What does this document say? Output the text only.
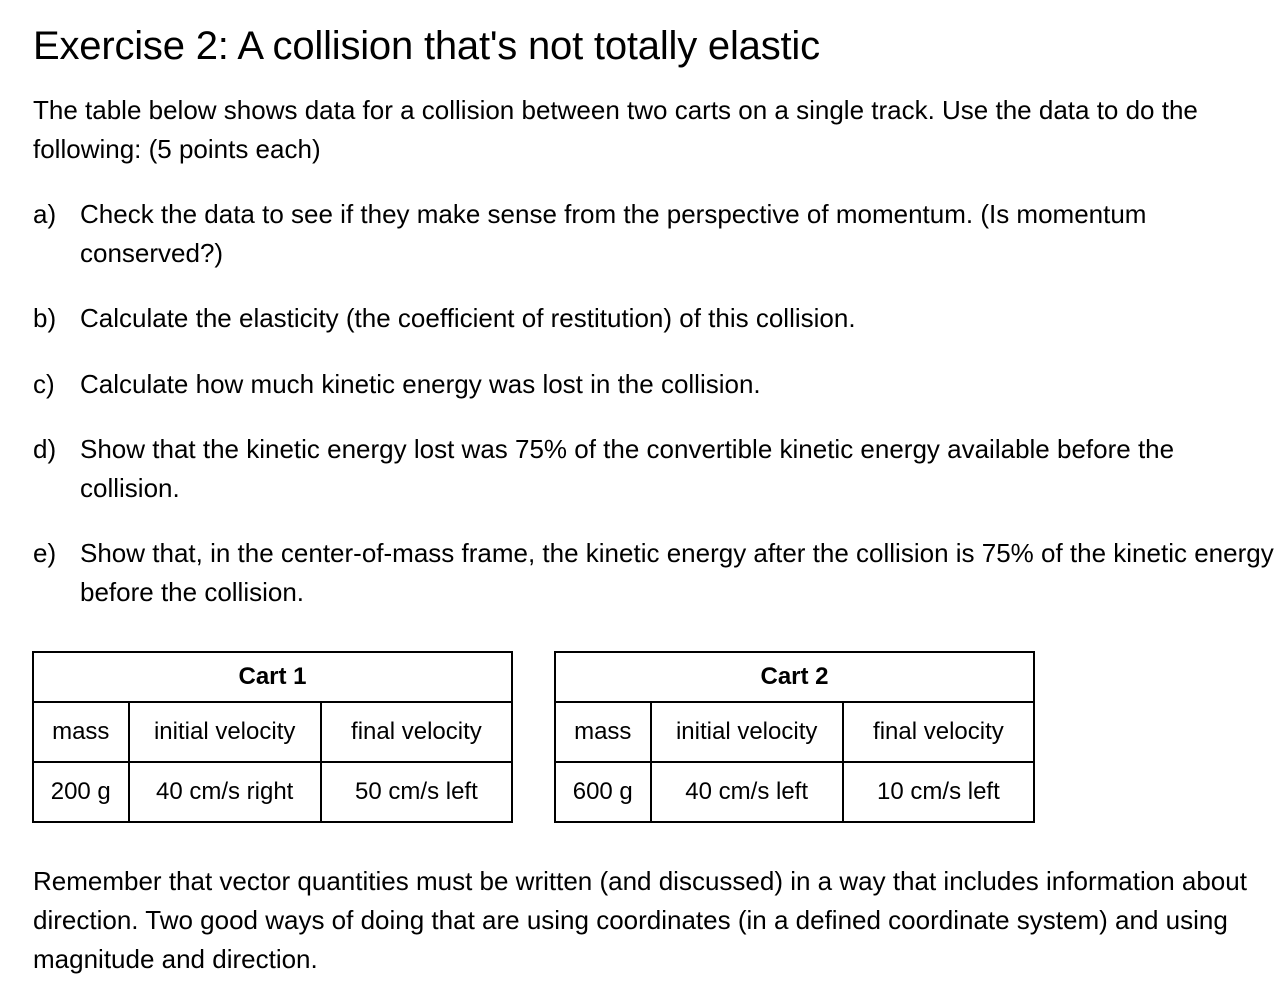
Exercise 2: A collision that's not totally elastic

The table below shows data for a collision between two carts on a single track. Use the data to do the following: (5 points each)

a) Check the data to see if they make sense from the perspective of momentum. (Is momentum conserved?)
b) Calculate the elasticity (the coefficient of restitution) of this collision.
c) Calculate how much kinetic energy was lost in the collision.
d) Show that the kinetic energy lost was 75% of the convertible kinetic energy available before the collision.
e) Show that, in the center-of-mass frame, the kinetic energy after the collision is 75% of the kinetic energy before the collision.
Cart 1		
mass	initial velocity	final velocity
200 g	40 cm/s right	50 cm/s left
Cart 2		
mass	initial velocity	final velocity
600 g	40 cm/s left	10 cm/s left

Remember that vector quantities must be written (and discussed) in a way that includes information about direction. Two good ways of doing that are using coordinates (in a defined coordinate system) and using magnitude and direction.
